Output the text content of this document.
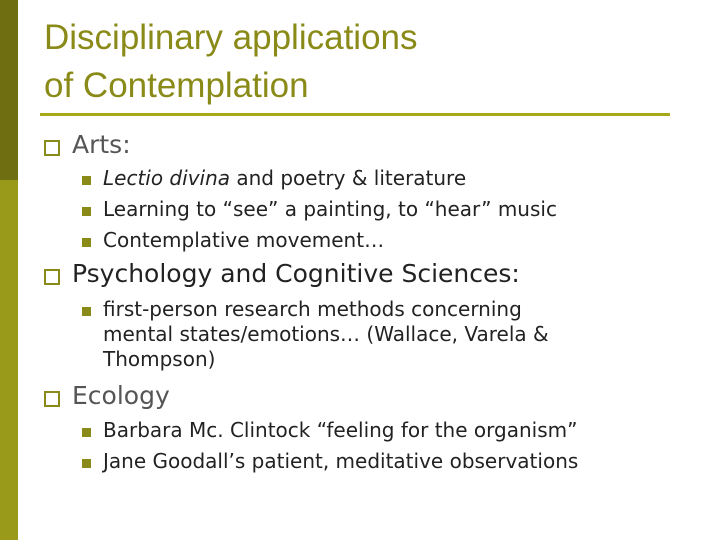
Disciplinary applications
of Contemplation
Arts:
Lectio divina and poetry & literature
Learning to “see” a painting, to “hear” music
Contemplative movement…
Psychology and Cognitive Sciences:
first-person research methods concerning
mental states/emotions… (Wallace, Varela &
Thompson)
Ecology
Barbara Mc. Clintock “feeling for the organism”
Jane Goodall’s patient, meditative observations
